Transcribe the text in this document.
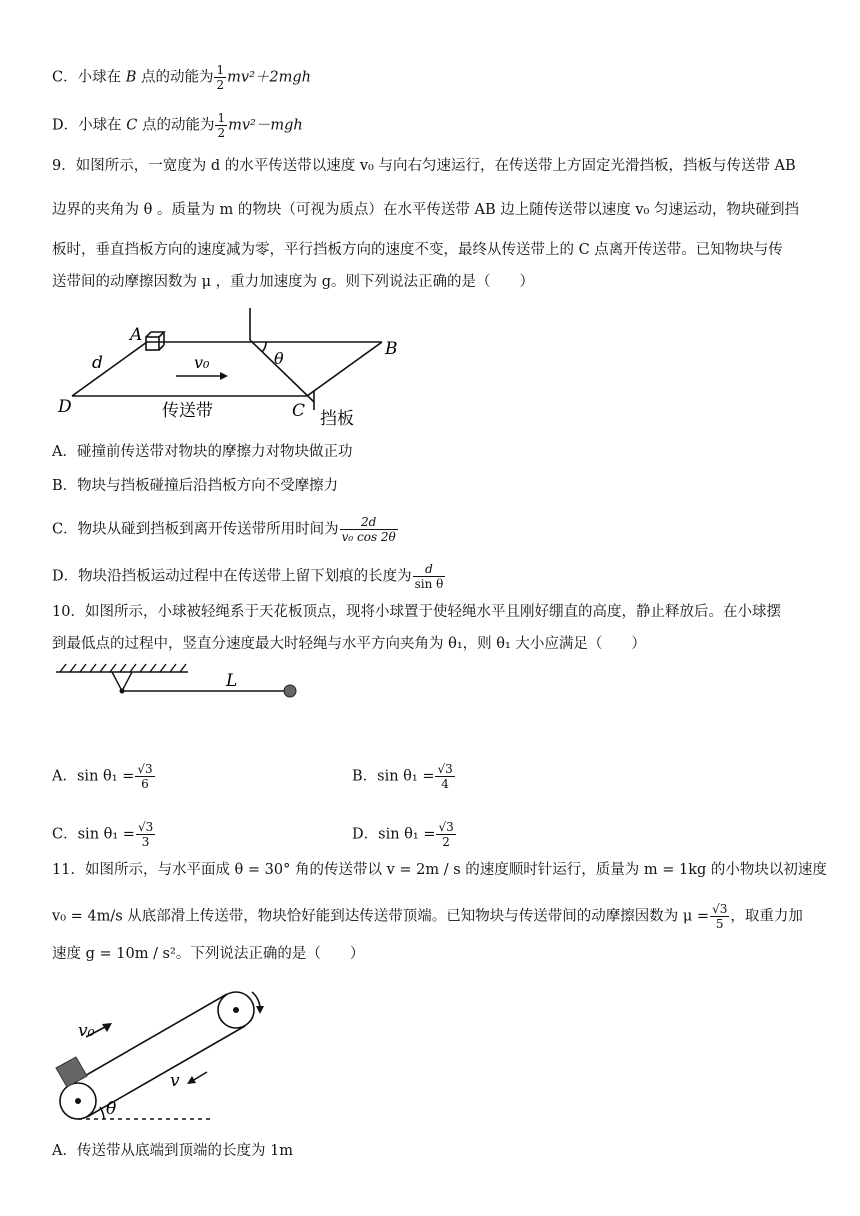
C．小球在 B 点的动能为 $\frac{1}{2} mv^2+2mgh$
D．小球在 C 点的动能为 $\frac{1}{2} mv^2-mgh$
9．如图所示，一宽度为 d 的水平传送带以速度 v₀ 与向右匀速运行，在传送带上方固定光滑挡板，挡板与传送带 AB
边界的夹角为 θ 。质量为 m 的物块（可视为质点）在水平传送带 AB 边上随传送带以速度 v₀ 匀速运动，物块碰到挡
板时，垂直挡板方向的速度减为零，平行挡板方向的速度不变，最终从传送带上的 C 点离开传送带。已知物块与传
送带间的动摩擦因数为 μ ，重力加速度为 g。则下列说法正确的是（　　）
A
B
C
D
d	v₀	θ
传送带	挡板
A．碰撞前传送带对物块的摩擦力对物块做正功
B．物块与挡板碰撞后沿挡板方向不受摩擦力
C．物块从碰到挡板到离开传送带所用时间为 $\frac{2d}{\text{v₀ cos 2θ}}$
D．物块沿挡板运动过程中在传送带上留下划痕的长度为 $\frac{d}{\text{sin θ}}$
10．如图所示，小球被轻绳系于天花板顶点，现将小球置于使轻绳水平且刚好绷直的高度，静止释放后。在小球摆
到最低点的过程中，竖直分速度最大时轻绳与水平方向夹角为 θ₁，则 θ₁ 大小应满足（　　）
L
A．$\sin \theta_1 = \frac{√3}{6}$	B．$\sin \theta_1 = \frac{√3}{4}$
C．$\sin \theta_1 = \frac{√3}{3}$	D．$\sin \theta_1 = \frac{√3}{2}$
11．如图所示，与水平面成 θ = 30° 角的传送带以 v = 2m / s 的速度顺时针运行，质量为 m = 1kg 的小物块以初速度
v₀ = 4m/s 从底部滑上传送带，物块恰好能到达传送带顶端。已知物块与传送带间的动摩擦因数为 $\mu = \frac{√3}{5}$ ，取重力加
速度 g = 10m / s²。下列说法正确的是（　　）
v₀
v
θ
A．传送带从底端到顶端的长度为 1m
